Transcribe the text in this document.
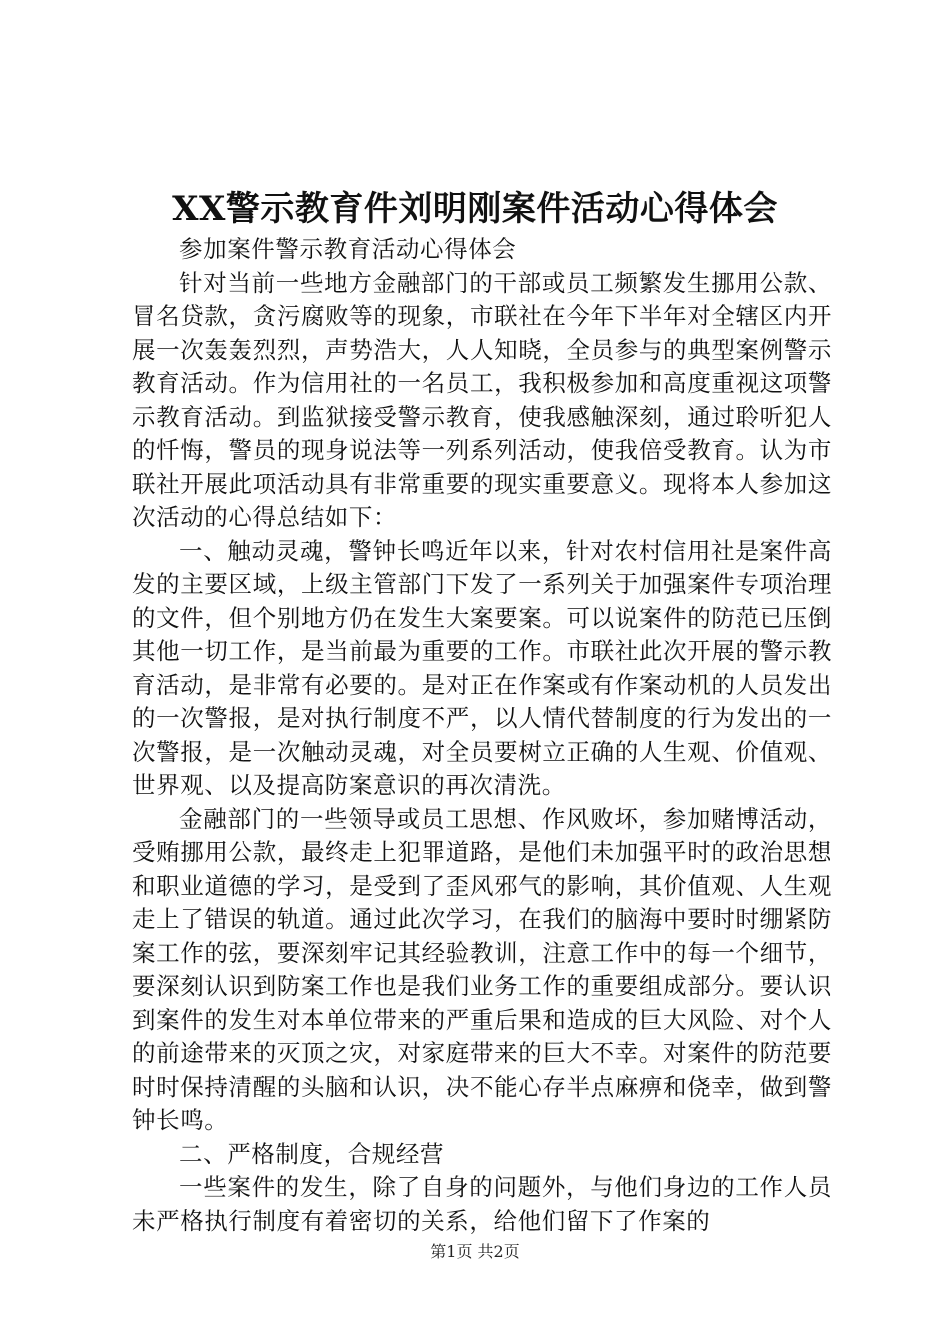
XX警示教育件刘明刚案件活动心得体会

参加案件警示教育活动心得体会

针对当前一些地方金融部门的干部或员工频繁发生挪用公款、冒名贷款，贪污腐败等的现象，市联社在今年下半年对全辖区内开展一次轰轰烈烈，声势浩大，人人知晓，全员参与的典型案例警示教育活动。作为信用社的一名员工，我积极参加和高度重视这项警示教育活动。到监狱接受警示教育，使我感触深刻，通过聆听犯人的忏悔，警员的现身说法等一列系列活动，使我倍受教育。认为市联社开展此项活动具有非常重要的现实重要意义。现将本人参加这次活动的心得总结如下：

一、触动灵魂，警钟长鸣近年以来，针对农村信用社是案件高发的主要区域，上级主管部门下发了一系列关于加强案件专项治理的文件，但个别地方仍在发生大案要案。可以说案件的防范已压倒其他一切工作，是当前最为重要的工作。市联社此次开展的警示教育活动，是非常有必要的。是对正在作案或有作案动机的人员发出的一次警报，是对执行制度不严，以人情代替制度的行为发出的一次警报，是一次触动灵魂，对全员要树立正确的人生观、价值观、世界观、以及提高防案意识的再次清洗。

金融部门的一些领导或员工思想、作风败坏，参加赌博活动，受贿挪用公款，最终走上犯罪道路，是他们未加强平时的政治思想和职业道德的学习，是受到了歪风邪气的影响，其价值观、人生观走上了错误的轨道。通过此次学习，在我们的脑海中要时时绷紧防案工作的弦，要深刻牢记其经验教训，注意工作中的每一个细节，要深刻认识到防案工作也是我们业务工作的重要组成部分。要认识到案件的发生对本单位带来的严重后果和造成的巨大风险、对个人的前途带来的灭顶之灾，对家庭带来的巨大不幸。对案件的防范要时时保持清醒的头脑和认识，决不能心存半点麻痹和侥幸，做到警钟长鸣。

二、严格制度，合规经营

一些案件的发生，除了自身的问题外，与他们身边的工作人员未严格执行制度有着密切的关系，给他们留下了作案的

第1页 共2页
